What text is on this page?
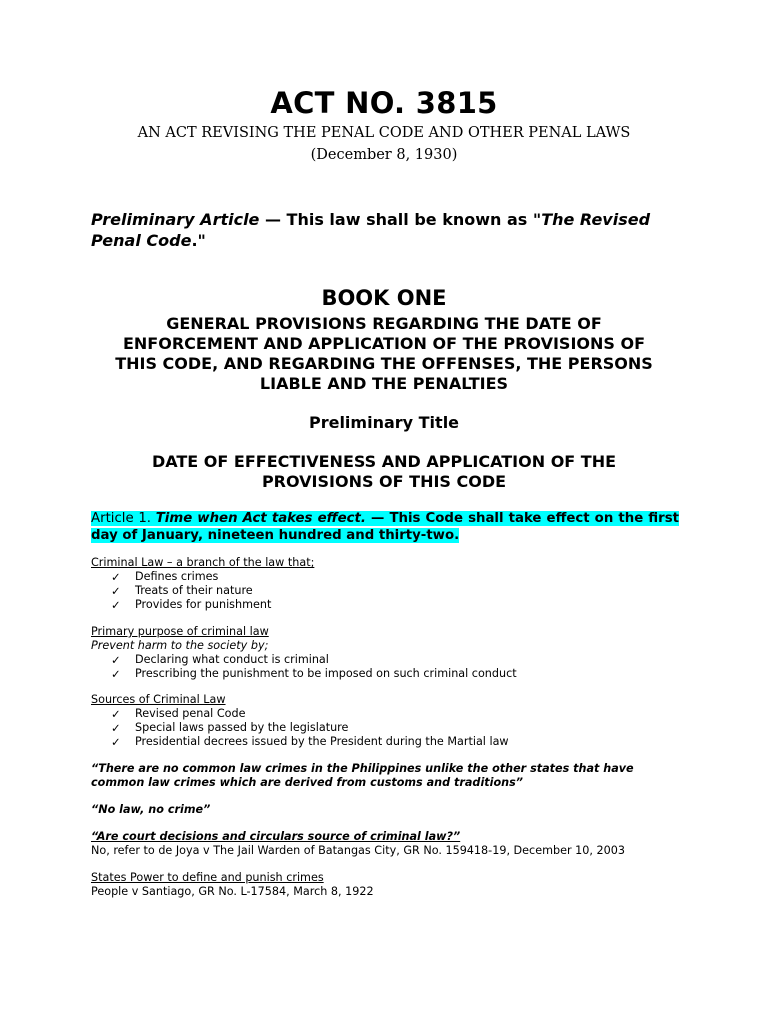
ACT NO. 3815
AN ACT REVISING THE PENAL CODE AND OTHER PENAL LAWS
(December 8, 1930)
Preliminary Article — This law shall be known as "The Revised Penal Code."
BOOK ONE
GENERAL PROVISIONS REGARDING THE DATE OF ENFORCEMENT AND APPLICATION OF THE PROVISIONS OF THIS CODE, AND REGARDING THE OFFENSES, THE PERSONS LIABLE AND THE PENALTIES
Preliminary Title
DATE OF EFFECTIVENESS AND APPLICATION OF THE PROVISIONS OF THIS CODE
Article 1. Time when Act takes effect. — This Code shall take effect on the first day of January, nineteen hundred and thirty-two.
Criminal Law – a branch of the law that;
✓ Defines crimes
✓ Treats of their nature
✓ Provides for punishment
Primary purpose of criminal law
Prevent harm to the society by;
✓ Declaring what conduct is criminal
✓ Prescribing the punishment to be imposed on such criminal conduct
Sources of Criminal Law
✓ Revised penal Code
✓ Special laws passed by the legislature
✓ Presidential decrees issued by the President during the Martial law
“There are no common law crimes in the Philippines unlike the other states that have common law crimes which are derived from customs and traditions”
“No law, no crime”
“Are court decisions and circulars source of criminal law?”
No, refer to de Joya v The Jail Warden of Batangas City, GR No. 159418-19, December 10, 2003
States Power to define and punish crimes
People v Santiago, GR No. L-17584, March 8, 1922
